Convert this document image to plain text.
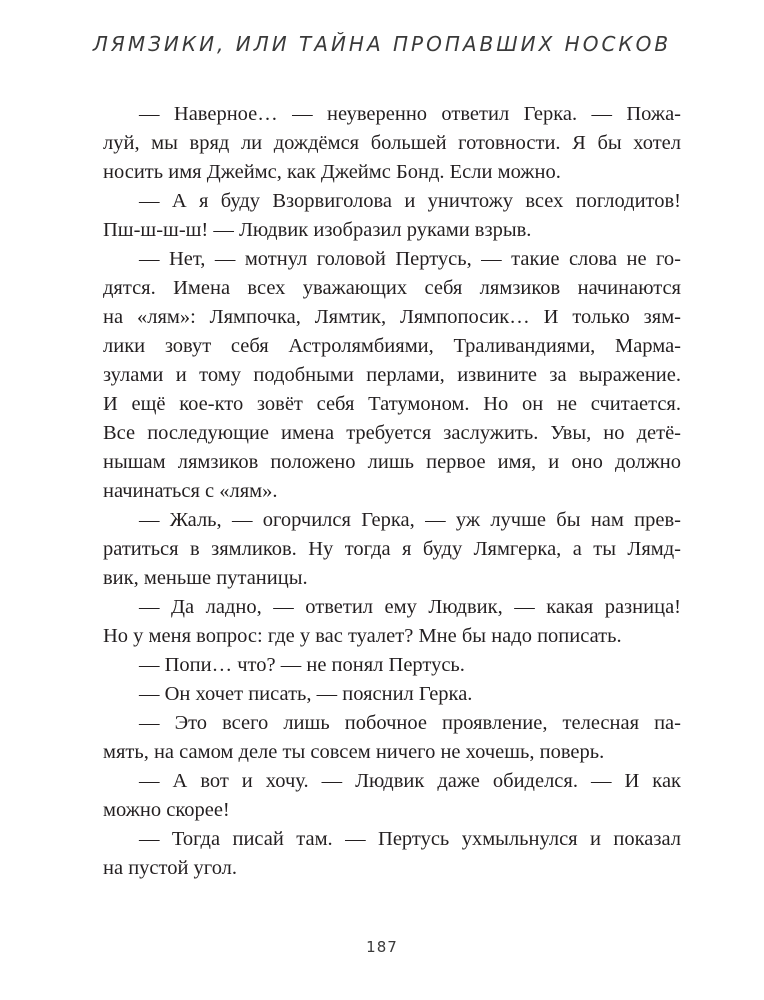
ЛЯМЗИКИ, ИЛИ ТАЙНА ПРОПАВШИХ НОСКОВ
— Наверное… — неуверенно ответил Герка. — Пожа-
луй, мы вряд ли дождёмся большей готовности. Я бы хотел
носить имя Джеймс, как Джеймс Бонд. Если можно.
— А я буду Взорвиголова и уничтожу всех поглодитов!
Пш-ш-ш-ш! — Людвик изобразил руками взрыв.
— Нет, — мотнул головой Пертусь, — такие слова не го-
дятся. Имена всех уважающих себя лямзиков начинаются
на «лям»: Лямпочка, Лямтик, Лямпопосик… И только зям-
лики зовут себя Астролямбиями, Траливандиями, Марма-
зулами и тому подобными перлами, извините за выражение.
И ещё кое-кто зовёт себя Татумоном. Но он не считается.
Все последующие имена требуется заслужить. Увы, но детё-
нышам лямзиков положено лишь первое имя, и оно должно
начинаться с «лям».
— Жаль, — огорчился Герка, — уж лучше бы нам прев-
ратиться в зямликов. Ну тогда я буду Лямгерка, а ты Лямд-
вик, меньше путаницы.
— Да ладно, — ответил ему Людвик, — какая разница!
Но у меня вопрос: где у вас туалет? Мне бы надо пописать.
— Попи… что? — не понял Пертусь.
— Он хочет писать, — пояснил Герка.
— Это всего лишь побочное проявление, телесная па-
мять, на самом деле ты совсем ничего не хочешь, поверь.
— А вот и хочу. — Людвик даже обиделся. — И как
можно скорее!
— Тогда писай там. — Пертусь ухмыльнулся и показал
на пустой угол.
187
